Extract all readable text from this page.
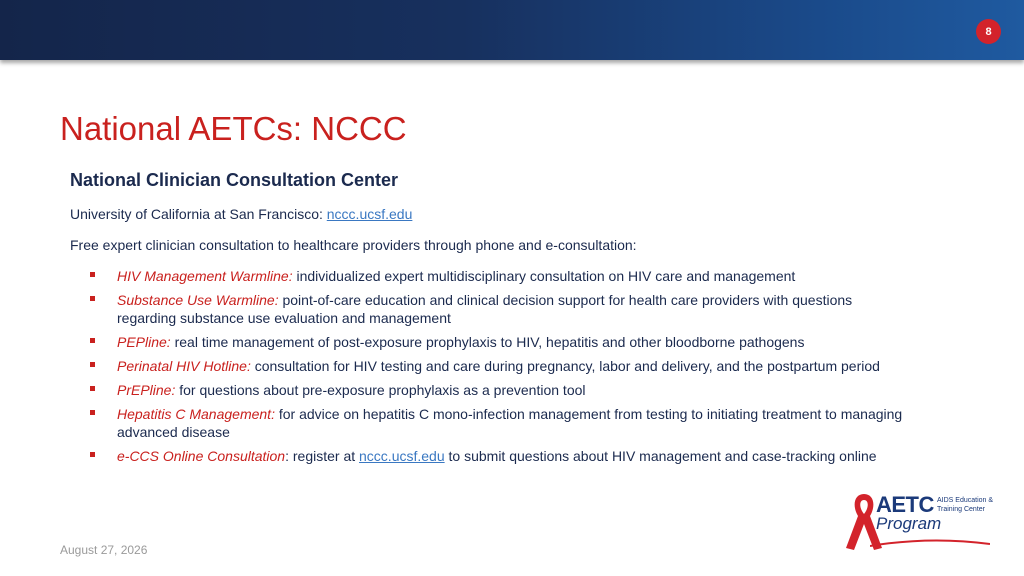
8
National AETCs: NCCC
National Clinician Consultation Center
University of California at San Francisco: nccc.ucsf.edu
Free expert clinician consultation to healthcare providers through phone and e-consultation:
HIV Management Warmline: individualized expert multidisciplinary consultation on HIV care and management
Substance Use Warmline: point-of-care education and clinical decision support for health care providers with questions regarding substance use evaluation and management
PEPline: real time management of post-exposure prophylaxis to HIV, hepatitis and other bloodborne pathogens
Perinatal HIV Hotline: consultation for HIV testing and care during pregnancy, labor and delivery, and the postpartum period
PrEPline: for questions about pre-exposure prophylaxis as a prevention tool
Hepatitis C Management: for advice on hepatitis C mono-infection management from testing to initiating treatment to managing advanced disease
e-CCS Online Consultation: register at nccc.ucsf.edu to submit questions about HIV management and case-tracking online
August 27, 2026
AETC
Program
AIDS Education & Training Center
